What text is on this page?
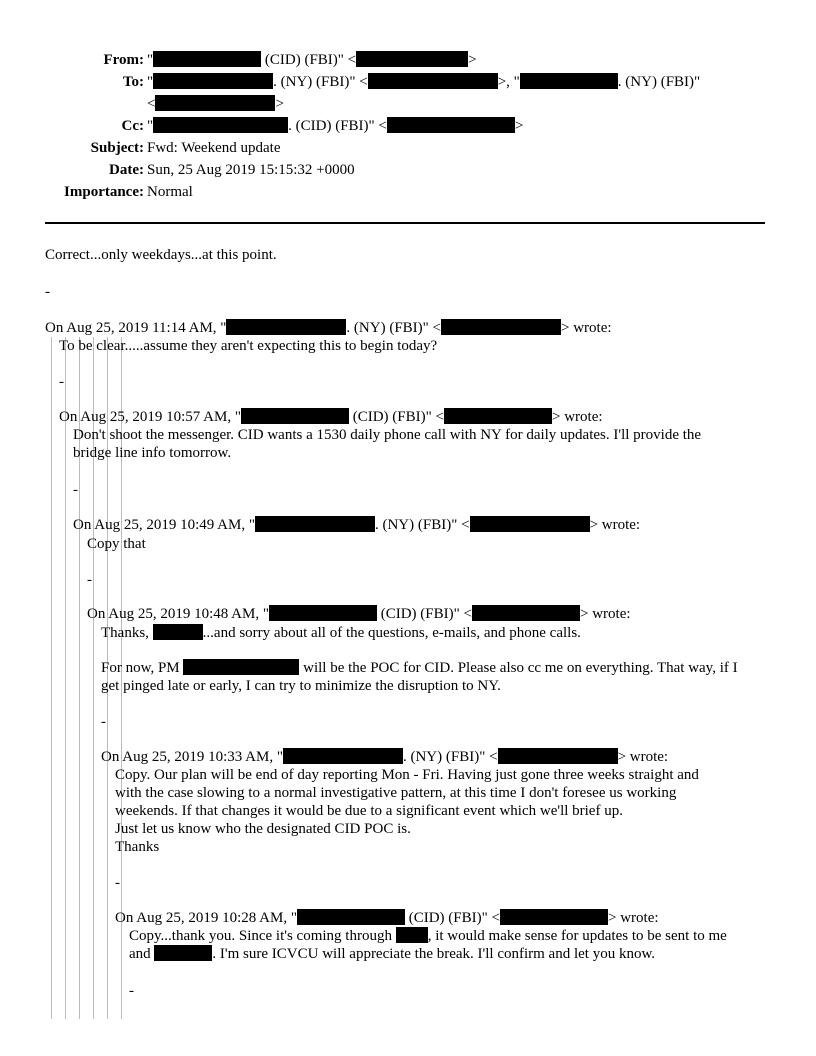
From: "	(CID) (FBI)" <	>
To: "	. (NY) (FBI)" <	>, "	. (NY) (FBI)"
<	>
Cc: "	. (CID) (FBI)" <	>
Subject: Fwd: Weekend update
Date: Sun, 25 Aug 2019 15:15:32 +0000
Importance: Normal
Correct...only weekdays...at this point.
-
On Aug 25, 2019 11:14 AM, "	. (NY) (FBI)" <	> wrote:
To be clear.....assume they aren't expecting this to begin today?
-
On Aug 25, 2019 10:57 AM, "	(CID) (FBI)" <	> wrote:
Don't shoot the messenger. CID wants a 1530 daily phone call with NY for daily updates. I'll provide the
bridge line info tomorrow.
-
On Aug 25, 2019 10:49 AM, "	. (NY) (FBI)" <	> wrote:
Copy that
-
On Aug 25, 2019 10:48 AM, "	(CID) (FBI)" <	> wrote:
Thanks,	...and sorry about all of the questions, e-mails, and phone calls.
For now, PM	will be the POC for CID. Please also cc me on everything. That way, if I
get pinged late or early, I can try to minimize the disruption to NY.
-
On Aug 25, 2019 10:33 AM, "	. (NY) (FBI)" <	> wrote:
Copy. Our plan will be end of day reporting Mon - Fri. Having just gone three weeks straight and
with the case slowing to a normal investigative pattern, at this time I don't foresee us working
weekends. If that changes it would be due to a significant event which we'll brief up.
Just let us know who the designated CID POC is.
Thanks
-
On Aug 25, 2019 10:28 AM, "	(CID) (FBI)" <	> wrote:
Copy...thank you. Since it's coming through , it would make sense for updates to be sent to me
and	. I'm sure ICVCU will appreciate the break. I'll confirm and let you know.
-
